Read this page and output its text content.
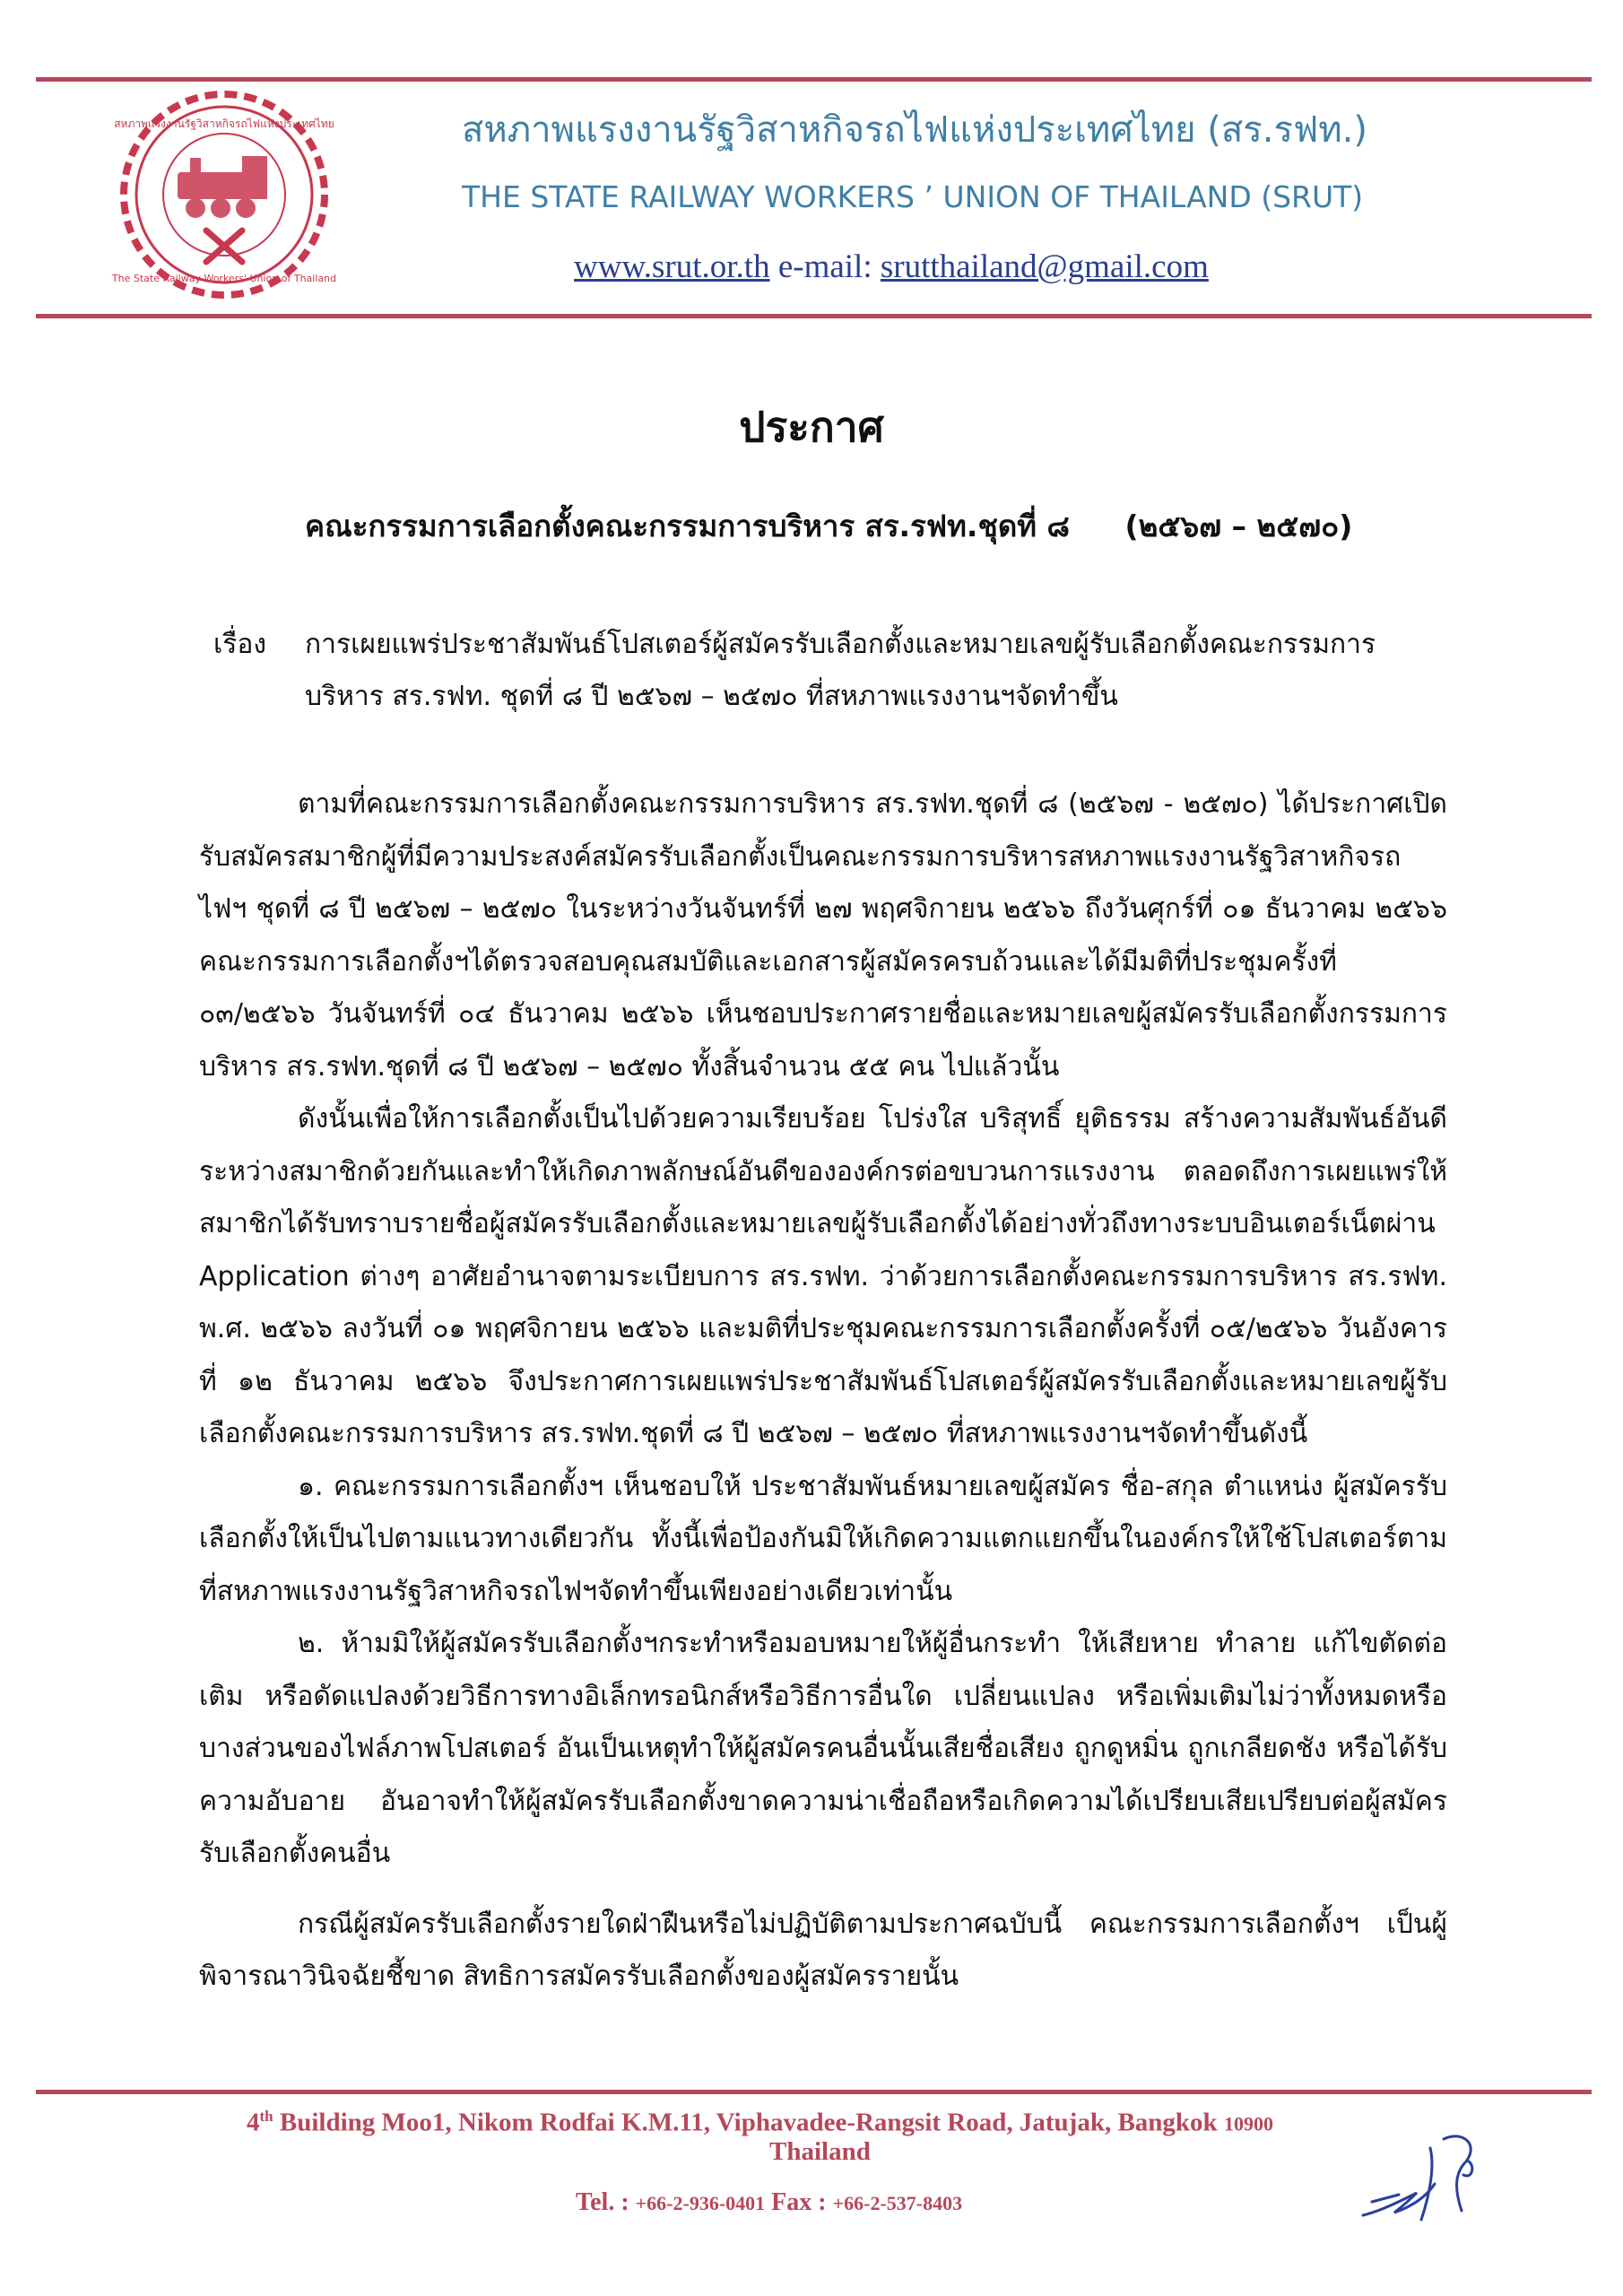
สหภาพแรงงานรัฐวิสาหกิจรถไฟแห่งประเทศไทย
The State Railway Workers' Union of Thailand
สหภาพแรงงานรัฐวิสาหกิจรถไฟแห่งประเทศไทย (สร.รฟท.)
THE STATE RAILWAY WORKERS ’ UNION OF THAILAND (SRUT)
www.srut.or.th e-mail: srutthailand@gmail.com
ประกาศ
คณะกรรมการเลือกตั้งคณะกรรมการบริหาร สร.รฟท.ชุดที่ ๘ (๒๕๖๗ – ๒๕๗๐)
เรื่อง การเผยแพร่ประชาสัมพันธ์โปสเตอร์ผู้สมัครรับเลือกตั้งและหมายเลขผู้รับเลือกตั้งคณะกรรมการบริหาร สร.รฟท. ชุดที่ ๘ ปี ๒๕๖๗ – ๒๕๗๐ ที่สหภาพแรงงานฯจัดทำขึ้น

ตามที่คณะกรรมการเลือกตั้งคณะกรรมการบริหาร สร.รฟท.ชุดที่ ๘ (๒๕๖๗ - ๒๕๗๐) ได้ประกาศเปิดรับสมัครสมาชิกผู้ที่มีความประสงค์สมัครรับเลือกตั้งเป็นคณะกรรมการบริหารสหภาพแรงงานรัฐวิสาหกิจรถไฟฯ ชุดที่ ๘ ปี ๒๕๖๗ – ๒๕๗๐ ในระหว่างวันจันทร์ที่ ๒๗ พฤศจิกายน ๒๕๖๖ ถึงวันศุกร์ที่ ๐๑ ธันวาคม ๒๕๖๖ คณะกรรมการเลือกตั้งฯได้ตรวจสอบคุณสมบัติและเอกสารผู้สมัครครบถ้วนและได้มีมติที่ประชุมครั้งที่ ๐๓/๒๕๖๖ วันจันทร์ที่ ๐๔ ธันวาคม ๒๕๖๖ เห็นชอบประกาศรายชื่อและหมายเลขผู้สมัครรับเลือกตั้งกรรมการบริหาร สร.รฟท.ชุดที่ ๘ ปี ๒๕๖๗ – ๒๕๗๐ ทั้งสิ้นจำนวน ๕๕ คน ไปแล้วนั้น

ดังนั้นเพื่อให้การเลือกตั้งเป็นไปด้วยความเรียบร้อย โปร่งใส บริสุทธิ์ ยุติธรรม สร้างความสัมพันธ์อันดีระหว่างสมาชิกด้วยกันและทำให้เกิดภาพลักษณ์อันดีขององค์กรต่อขบวนการแรงงาน ตลอดถึงการเผยแพร่ให้สมาชิกได้รับทราบรายชื่อผู้สมัครรับเลือกตั้งและหมายเลขผู้รับเลือกตั้งได้อย่างทั่วถึงทางระบบอินเตอร์เน็ตผ่าน Application ต่างๆ อาศัยอำนาจตามระเบียบการ สร.รฟท. ว่าด้วยการเลือกตั้งคณะกรรมการบริหาร สร.รฟท. พ.ศ. ๒๕๖๖ ลงวันที่ ๐๑ พฤศจิกายน ๒๕๖๖ และมติที่ประชุมคณะกรรมการเลือกตั้งครั้งที่ ๐๕/๒๕๖๖ วันอังคารที่ ๑๒ ธันวาคม ๒๕๖๖ จึงประกาศการเผยแพร่ประชาสัมพันธ์โปสเตอร์ผู้สมัครรับเลือกตั้งและหมายเลขผู้รับเลือกตั้งคณะกรรมการบริหาร สร.รฟท.ชุดที่ ๘ ปี ๒๕๖๗ – ๒๕๗๐ ที่สหภาพแรงงานฯจัดทำขึ้นดังนี้

๑. คณะกรรมการเลือกตั้งฯ เห็นชอบให้ ประชาสัมพันธ์หมายเลขผู้สมัคร ชื่อ-สกุล ตำแหน่ง ผู้สมัครรับเลือกตั้งให้เป็นไปตามแนวทางเดียวกัน ทั้งนี้เพื่อป้องกันมิให้เกิดความแตกแยกขึ้นในองค์กรให้ใช้โปสเตอร์ตามที่สหภาพแรงงานรัฐวิสาหกิจรถไฟฯจัดทำขึ้นเพียงอย่างเดียวเท่านั้น

๒. ห้ามมิให้ผู้สมัครรับเลือกตั้งฯกระทำหรือมอบหมายให้ผู้อื่นกระทำ ให้เสียหาย ทำลาย แก้ไขตัดต่อ เติม หรือดัดแปลงด้วยวิธีการทางอิเล็กทรอนิกส์หรือวิธีการอื่นใด เปลี่ยนแปลง หรือเพิ่มเติมไม่ว่าทั้งหมดหรือบางส่วนของไฟล์ภาพโปสเตอร์ อันเป็นเหตุทำให้ผู้สมัครคนอื่นนั้นเสียชื่อเสียง ถูกดูหมิ่น ถูกเกลียดชัง หรือได้รับความอับอาย อันอาจทำให้ผู้สมัครรับเลือกตั้งขาดความน่าเชื่อถือหรือเกิดความได้เปรียบเสียเปรียบต่อผู้สมัครรับเลือกตั้งคนอื่น

กรณีผู้สมัครรับเลือกตั้งรายใดฝ่าฝืนหรือไม่ปฏิบัติตามประกาศฉบับนี้ คณะกรรมการเลือกตั้งฯ เป็นผู้พิจารณาวินิจฉัยชี้ขาด สิทธิการสมัครรับเลือกตั้งของผู้สมัครรายนั้น

4th Building Moo1, Nikom Rodfai K.M.11, Viphavadee-Rangsit Road, Jatujak, Bangkok 10900
Thailand
Tel. : +66-2-936-0401 Fax : +66-2-537-8403
